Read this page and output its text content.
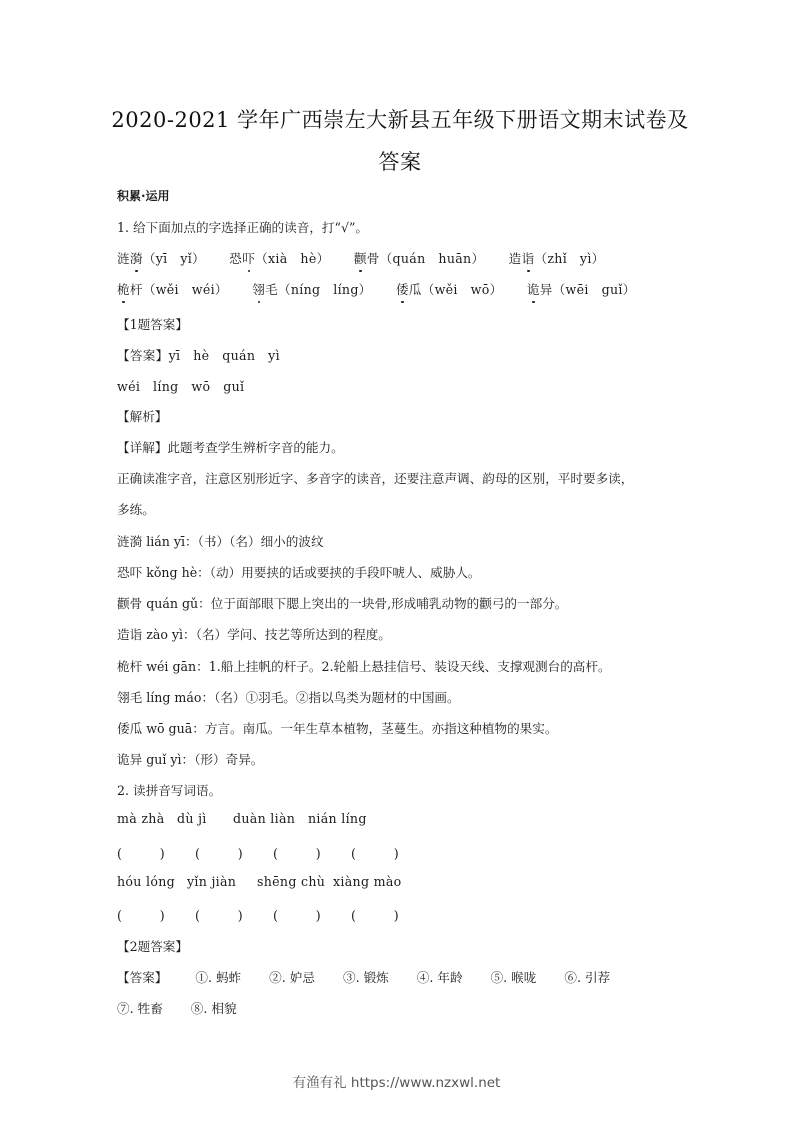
2020-2021 学年广西崇左大新县五年级下册语文期末试卷及
答案
积累·运用
1. 给下面加点的字选择正确的读音，打“√”。
涟漪（yī　yǐ） 恐吓（xià　hè） 颧骨（quán　huān） 造诣（zhǐ　yì）
桅杆（wěi　wéi） 翎毛（níng　líng） 倭瓜（wěi　wō） 诡异（wēi　guǐ）
【1题答案】
【答案】yī　hè　quán　yì
wéi　líng　wō　guǐ
【解析】
【详解】此题考查学生辨析字音的能力。
正确读准字音，注意区别形近字、多音字的读音，还要注意声调、韵母的区别，平时要多读，
多练。
涟漪 lián yī：（书）（名）细小的波纹
恐吓 kǒng hè：（动）用要挟的话或要挟的手段吓唬人、威胁人。
颧骨 quán gǔ：位于面部眼下腮上突出的一块骨,形成哺乳动物的颧弓的一部分。
造诣 zào yì：（名）学问、技艺等所达到的程度。
桅杆 wéi gān：1.船上挂帆的杆子。2.轮船上悬挂信号、装设天线、支撑观测台的高杆。
翎毛 líng máo：（名）①羽毛。②指以鸟类为题材的中国画。
倭瓜 wō guā：方言。南瓜。一年生草本植物，茎蔓生。亦指这种植物的果实。
诡异 guǐ yì：（形）奇异。
2. 读拼音写词语。
mà zhà dù jì duàn liàn nián líng
(　　　) (　　　) (　　　) (　　　)
hóu lóng yǐn jiàn shēng chù xiàng mào
(　　　) (　　　) (　　　) (　　　)
【2题答案】
【答案】 ①. 蚂蚱 ②. 妒忌 ③. 锻炼 ④. 年龄 ⑤. 喉咙 ⑥. 引荐
⑦. 牲畜 ⑧. 相貌
有渔有礼 https://www.nzxwl.net
